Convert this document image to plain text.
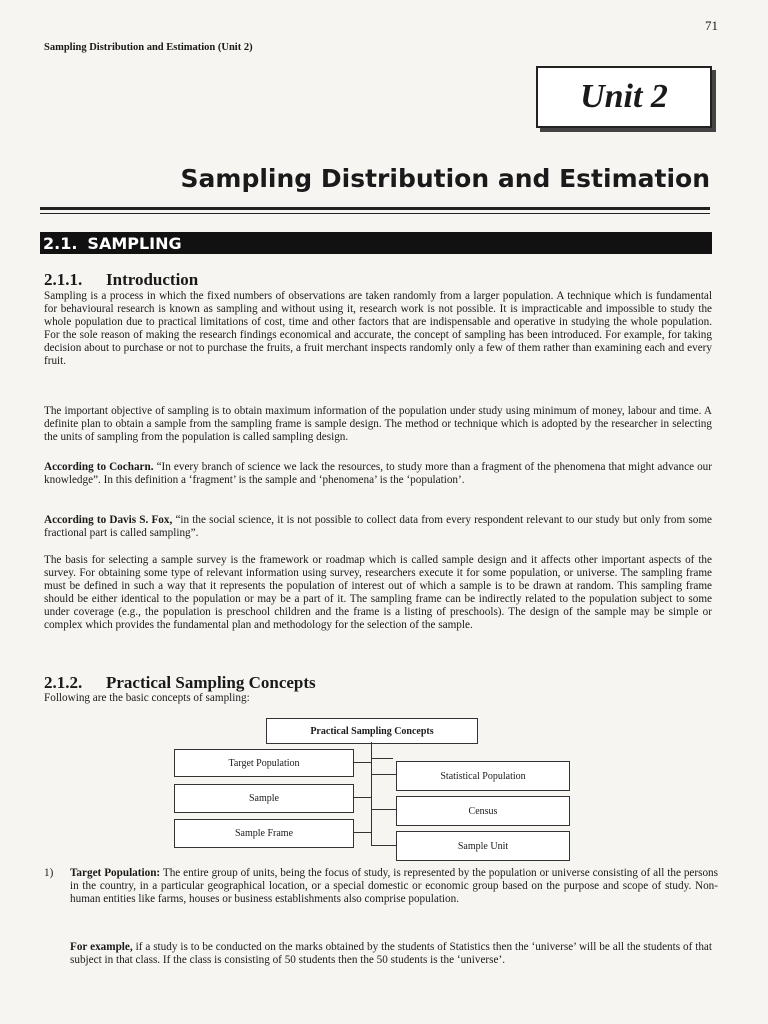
71
Sampling Distribution and Estimation (Unit 2)
Unit 2
Sampling Distribution and Estimation
2.1. SAMPLING
2.1.1. Introduction

Sampling is a process in which the fixed numbers of observations are taken randomly from a larger population. A technique which is fundamental for behavioural research is known as sampling and without using it, research work is not possible. It is impracticable and impossible to study the whole population due to practical limitations of cost, time and other factors that are indispensable and operative in studying the whole population. For the sole reason of making the research findings economical and accurate, the concept of sampling has been introduced. For example, for taking decision about to purchase or not to purchase the fruits, a fruit merchant inspects randomly only a few of them rather than examining each and every fruit.

The important objective of sampling is to obtain maximum information of the population under study using minimum of money, labour and time. A definite plan to obtain a sample from the sampling frame is sample design. The method or technique which is adopted by the researcher in selecting the units of sampling from the population is called sampling design.

According to Cocharn. “In every branch of science we lack the resources, to study more than a fragment of the phenomena that might advance our knowledge”. In this definition a ‘fragment’ is the sample and ‘phenomena’ is the ‘population’.

According to Davis S. Fox, “in the social science, it is not possible to collect data from every respondent relevant to our study but only from some fractional part is called sampling”.

The basis for selecting a sample survey is the framework or roadmap which is called sample design and it affects other important aspects of the survey. For obtaining some type of relevant information using survey, researchers execute it for some population, or universe. The sampling frame must be defined in such a way that it represents the population of interest out of which a sample is to be drawn at random. This sampling frame should be either identical to the population or may be a part of it. The sampling frame can be indirectly related to the population subject to some under coverage (e.g., the population is preschool children and the frame is a listing of preschools). The design of the sample may be simple or complex which provides the fundamental plan and methodology for the selection of the sample.

2.1.2. Practical Sampling Concepts

Following are the basic concepts of sampling:

Practical Sampling Concepts
Target Population
Sample
Sample Frame
Statistical Population
Census
Sample Unit
1) Target Population: The entire group of units, being the focus of study, is represented by the population or universe consisting of all the persons in the country, in a particular geographical location, or a special domestic or economic group based on the purpose and scope of study. Non-human entities like farms, houses or business establishments also comprise population.

For example, if a study is to be conducted on the marks obtained by the students of Statistics then the ‘universe’ will be all the students of that subject in that class. If the class is consisting of 50 students then the 50 students is the ‘universe’.
